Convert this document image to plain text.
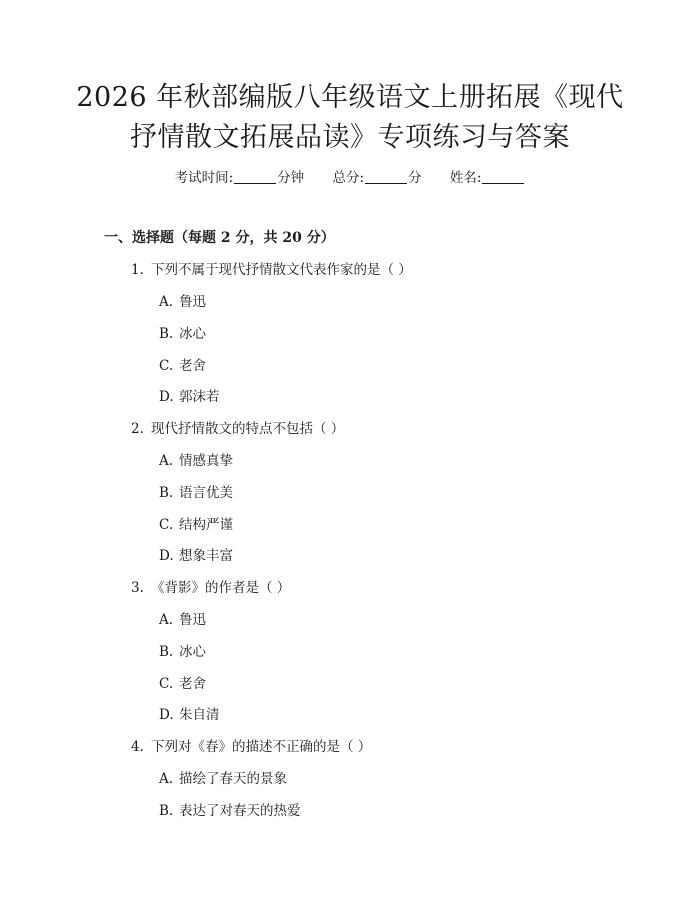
2026 年秋部编版八年级语文上册拓展《现代
抒情散文拓展品读》专项练习与答案
考试时间:	分钟 总分:	分 姓名:
一、选择题（每题 2 分，共 20 分）
1. 下列不属于现代抒情散文代表作家的是（ ）
A. 鲁迅
B. 冰心
C. 老舍
D. 郭沫若
2. 现代抒情散文的特点不包括（ ）
A. 情感真挚
B. 语言优美
C. 结构严谨
D. 想象丰富
3. 《背影》的作者是（ ）
A. 鲁迅
B. 冰心
C. 老舍
D. 朱自清
4. 下列对《春》的描述不正确的是（ ）
A. 描绘了春天的景象
B. 表达了对春天的热爱
